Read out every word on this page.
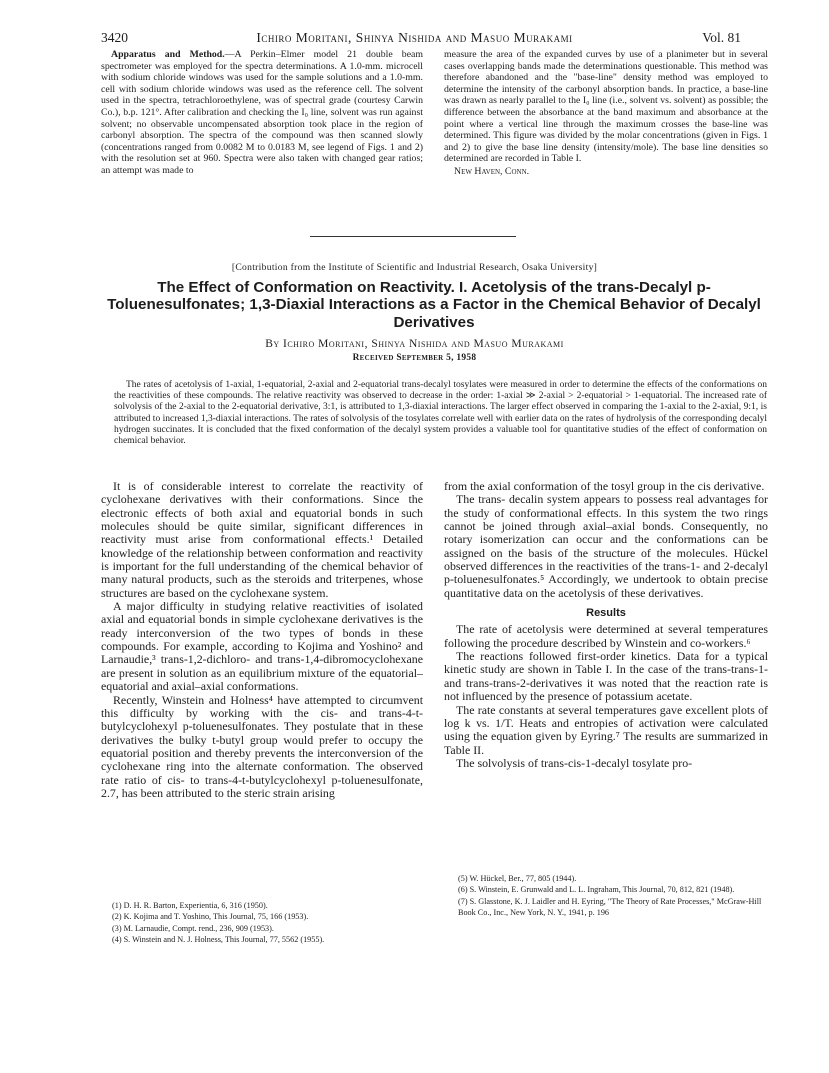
3420	Ichiro Moritani, Shinya Nishida and Masuo Murakami	Vol. 81

Apparatus and Method.—A Perkin–Elmer model 21 double beam spectrometer was employed for the spectra determinations. A 1.0-mm. microcell with sodium chloride windows was used for the sample solutions and a 1.0-mm. cell with sodium chloride windows was used as the reference cell. The solvent used in the spectra, tetrachloroethylene, was of spectral grade (courtesy Carwin Co.), b.p. 121°. After calibration and checking the I₀ line, solvent was run against solvent; no observable uncompensated absorption took place in the region of carbonyl absorption. The spectra of the compound was then scanned slowly (concentrations ranged from 0.0082 M to 0.0183 M, see legend of Figs. 1 and 2) with the resolution set at 960. Spectra were also taken with changed gear ratios; an attempt was made to

measure the area of the expanded curves by use of a planimeter but in several cases overlapping bands made the determinations questionable. This method was therefore abandoned and the "base-line" density method was employed to determine the intensity of the carbonyl absorption bands. In practice, a base-line was drawn as nearly parallel to the I₀ line (i.e., solvent vs. solvent) as possible; the difference between the absorbance at the band maximum and absorbance at the point where a vertical line through the maximum crosses the base-line was determined. This figure was divided by the molar concentrations (given in Figs. 1 and 2) to give the base line density (intensity/mole). The base line densities so determined are recorded in Table I.

New Haven, Conn.
[Contribution from the Institute of Scientific and Industrial Research, Osaka University]
The Effect of Conformation on Reactivity. I. Acetolysis of the trans-Decalyl p-Toluenesulfonates; 1,3-Diaxial Interactions as a Factor in the Chemical Behavior of Decalyl Derivatives
By Ichiro Moritani, Shinya Nishida and Masuo Murakami
Received September 5, 1958

The rates of acetolysis of 1-axial, 1-equatorial, 2-axial and 2-equatorial trans-decalyl tosylates were measured in order to determine the effects of the conformations on the reactivities of these compounds. The relative reactivity was observed to decrease in the order: 1-axial ≫ 2-axial > 2-equatorial > 1-equatorial. The increased rate of solvolysis of the 2-axial to the 2-equatorial derivative, 3:1, is attributed to 1,3-diaxial interactions. The larger effect observed in comparing the 1-axial to the 2-axial, 9:1, is attributed to increased 1,3-diaxial interactions. The rates of solvolysis of the tosylates correlate well with earlier data on the rates of hydrolysis of the corresponding decalyl hydrogen succinates. It is concluded that the fixed conformation of the decalyl system provides a valuable tool for quantitative studies of the effect of conformation on chemical behavior.

It is of considerable interest to correlate the reactivity of cyclohexane derivatives with their conformations. Since the electronic effects of both axial and equatorial bonds in such molecules should be quite similar, significant differences in reactivity must arise from conformational effects.¹ Detailed knowledge of the relationship between conformation and reactivity is important for the full understanding of the chemical behavior of many natural products, such as the steroids and triterpenes, whose structures are based on the cyclohexane system.

A major difficulty in studying relative reactivities of isolated axial and equatorial bonds in simple cyclohexane derivatives is the ready interconversion of the two types of bonds in these compounds. For example, according to Kojima and Yoshino² and Larnaudie,³ trans-1,2-dichloro- and trans-1,4-dibromocyclohexane are present in solution as an equilibrium mixture of the equatorial–equatorial and axial–axial conformations.

Recently, Winstein and Holness⁴ have attempted to circumvent this difficulty by working with the cis- and trans-4-t-butylcyclohexyl p-toluenesulfonates. They postulate that in these derivatives the bulky t-butyl group would prefer to occupy the equatorial position and thereby prevents the interconversion of the cyclohexane ring into the alternate conformation. The observed rate ratio of cis- to trans-4-t-butylcyclohexyl p-toluenesulfonate, 2.7, has been attributed to the steric strain arising

from the axial conformation of the tosyl group in the cis derivative.

The trans- decalin system appears to possess real advantages for the study of conformational effects. In this system the two rings cannot be joined through axial–axial bonds. Consequently, no rotary isomerization can occur and the conformations can be assigned on the basis of the structure of the molecules. Hückel observed differences in the reactivities of the trans-1- and 2-decalyl p-toluenesulfonates.⁵ Accordingly, we undertook to obtain precise quantitative data on the acetolysis of these derivatives.

Results

The rate of acetolysis were determined at several temperatures following the procedure described by Winstein and co-workers.⁶

The reactions followed first-order kinetics. Data for a typical kinetic study are shown in Table I. In the case of the trans-trans-1- and trans-trans-2-derivatives it was noted that the reaction rate is not influenced by the presence of potassium acetate.

The rate constants at several temperatures gave excellent plots of log k vs. 1/T. Heats and entropies of activation were calculated using the equation given by Eyring.⁷ The results are summarized in Table II.

The solvolysis of trans-cis-1-decalyl tosylate pro-

(1) D. H. R. Barton, Experientia, 6, 316 (1950).
(2) K. Kojima and T. Yoshino, This Journal, 75, 166 (1953).
(3) M. Larnaudie, Compt. rend., 236, 909 (1953).
(4) S. Winstein and N. J. Holness, This Journal, 77, 5562 (1955).
(5) W. Hückel, Ber., 77, 805 (1944).
(6) S. Winstein, E. Grunwald and L. L. Ingraham, This Journal, 70, 812, 821 (1948).
(7) S. Glasstone, K. J. Laidler and H. Eyring, "The Theory of Rate Processes," McGraw-Hill Book Co., Inc., New York, N. Y., 1941, p. 196
